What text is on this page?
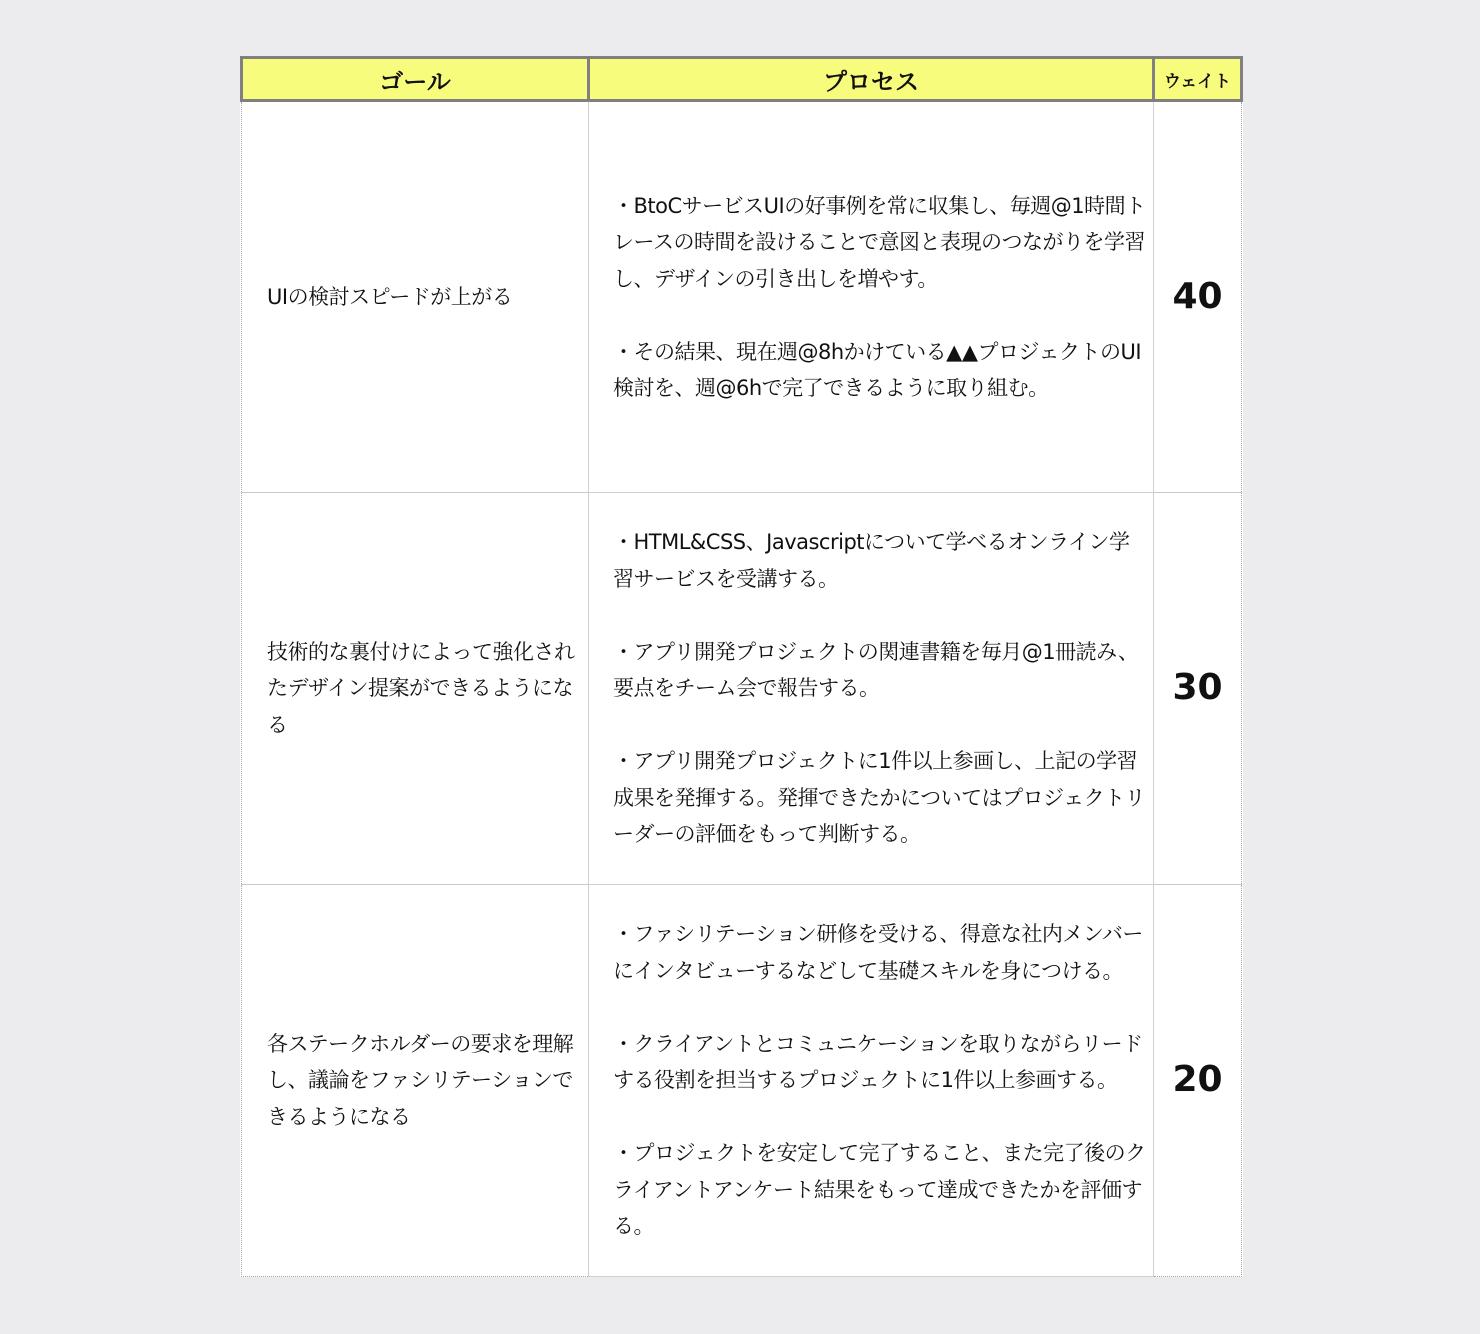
ゴール	プロセス	ウェイト

UIの検討スピードが上がる	・BtoCサービスUIの好事例を常に収集し、毎週@1時間トレースの時間を設けることで意図と表現のつながりを学習し、デザインの引き出しを増やす。
・その結果、現在週@8hかけている▲▲プロジェクトのUI検討を、週@6hで完了できるように取り組む。	40

技術的な裏付けによって強化されたデザイン提案ができるようになる	・HTML&CSS、Javascriptについて学べるオンライン学習サービスを受講する。
・アプリ開発プロジェクトの関連書籍を毎月@1冊読み、要点をチーム会で報告する。
・アプリ開発プロジェクトに1件以上参画し、上記の学習成果を発揮する。発揮できたかについてはプロジェクトリーダーの評価をもって判断する。	30

各ステークホルダーの要求を理解し、議論をファシリテーションできるようになる	・ファシリテーション研修を受ける、得意な社内メンバーにインタビューするなどして基礎スキルを身につける。
・クライアントとコミュニケーションを取りながらリードする役割を担当するプロジェクトに1件以上参画する。
・プロジェクトを安定して完了すること、また完了後のクライアントアンケート結果をもって達成できたかを評価する。	20
